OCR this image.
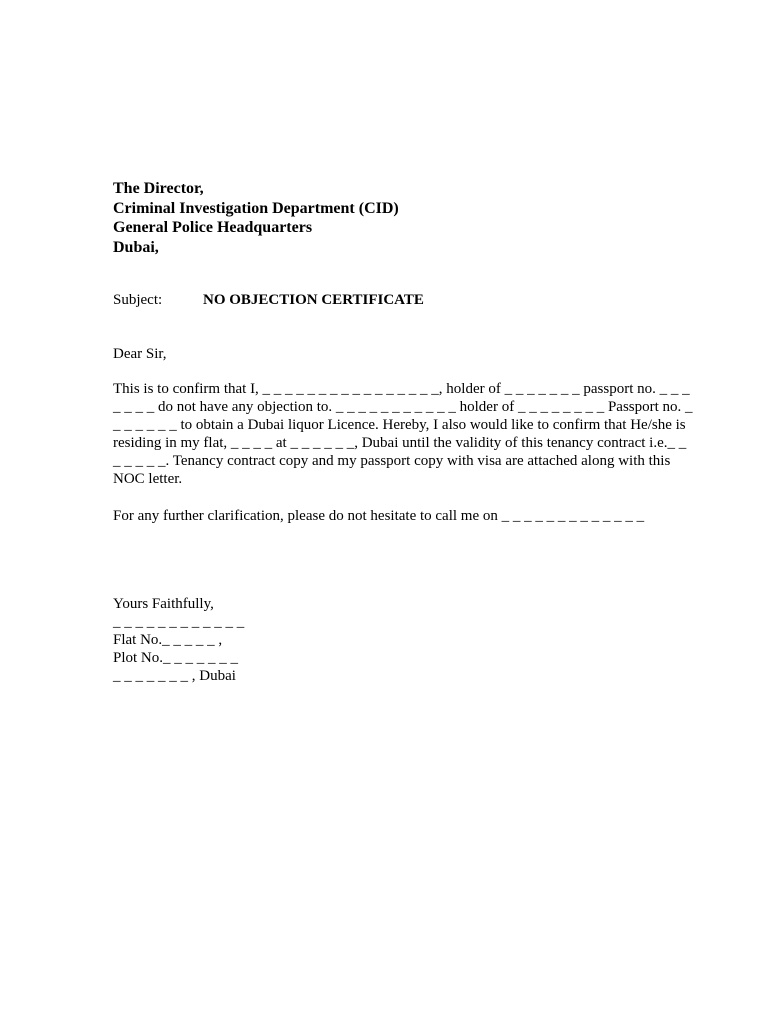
The Director,
Criminal Investigation Department (CID)
General Police Headquarters
Dubai,
Subject:	NO OBJECTION CERTIFICATE
Dear Sir,
This is to confirm that I, _ _ _ _ _ _ _ _ _ _ _ _ _ _ _ _, holder of _ _ _ _ _ _ _ passport no. _ _ _
_ _ _ _ do not have any objection to. _ _ _ _ _ _ _ _ _ _ _ holder of _ _ _ _ _ _ _ _ Passport no. _
_ _ _ _ _ _ to obtain a Dubai liquor Licence. Hereby, I also would like to confirm that He/she is
residing in my flat, _ _ _ _ at _ _ _ _ _ _, Dubai until the validity of this tenancy contract i.e._ _
_ _ _ _ _. Tenancy contract copy and my passport copy with visa are attached along with this
NOC letter.
For any further clarification, please do not hesitate to call me on _ _ _ _ _ _ _ _ _ _ _ _ _
Yours Faithfully,
_ _ _ _ _ _ _ _ _ _ _ _
Flat No._ _ _ _ _ ,
Plot No._ _ _ _ _ _ _
_ _ _ _ _ _ _ , Dubai
